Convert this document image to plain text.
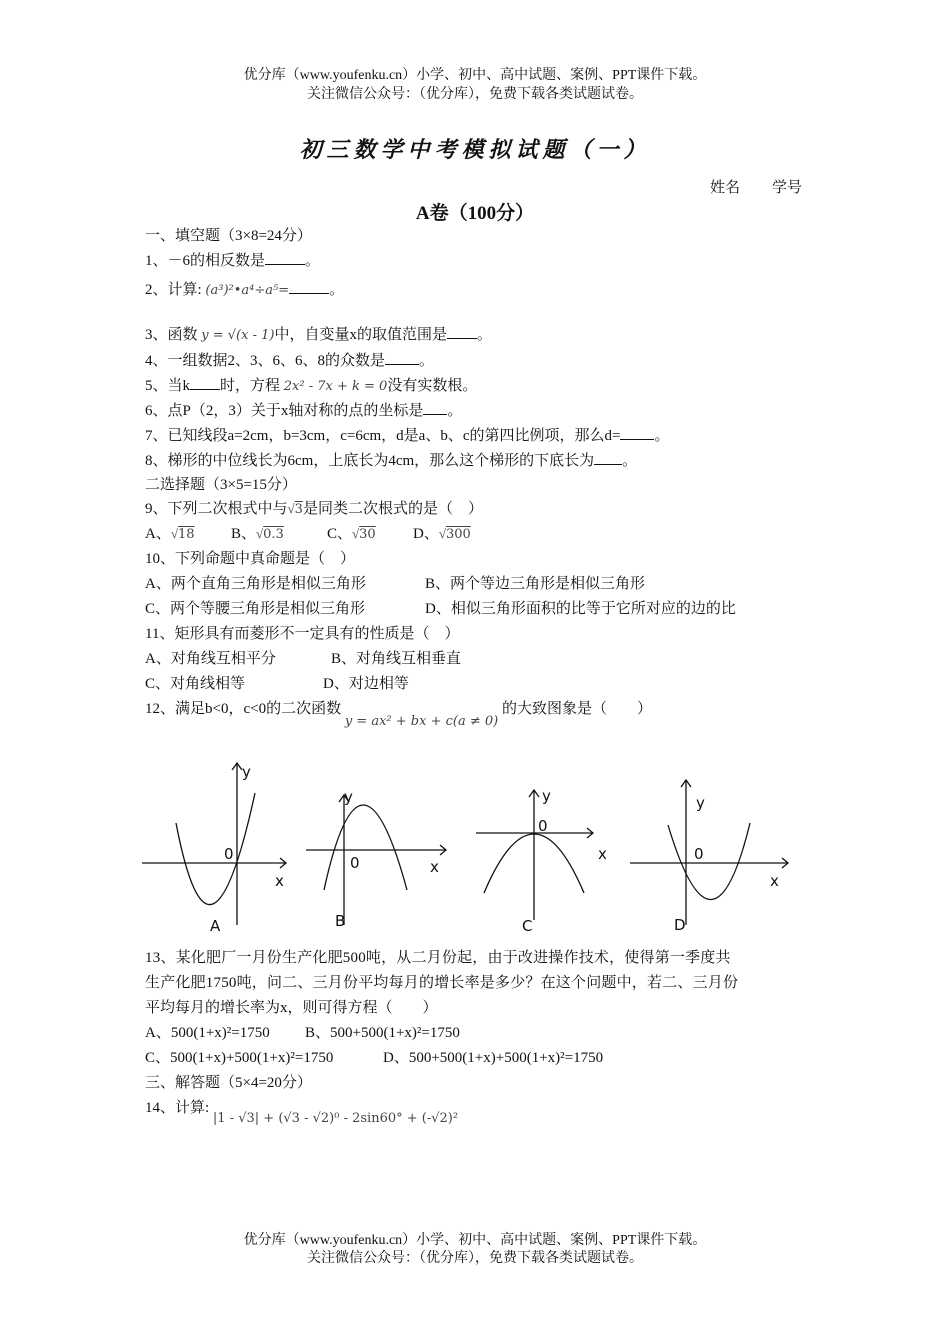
优分库（www.youfenku.cn）小学、初中、高中试题、案例、PPT课件下载。
关注微信公众号：（优分库），免费下载各类试题试卷。
初三数学中考模拟试题（一）
姓名 学号
A卷（100分）
一、填空题（3×8=24分）
1、－6的相反数是	。
2、计算: (a³)²•a⁴÷a⁵=	。
3、函数 y = √(x - 1)中，自变量x的取值范围是 。
4、一组数据2、3、6、6、8的众数是 。
5、当k 时，方程 2x² - 7x + k = 0没有实数根。
6、点P（2，3）关于x轴对称的点的坐标是 。
7、已知线段a=2cm，b=3cm，c=6cm，d是a、b、c的第四比例项，那么d= 。
8、梯形的中位线长为6cm，上底长为4cm，那么这个梯形的下底长为 。
二选择题（3×5=15分）
9、下列二次根式中与√3是同类二次根式的是（　）
A、√18 B、√0.3	C、√30 D、√300
10、下列命题中真命题是（　）
A、两个直角三角形是相似三角形	B、两个等边三角形是相似三角形
C、两个等腰三角形是相似三角形	D、相似三角形面积的比等于它所对应的边的比
11、矩形具有而菱形不一定具有的性质是（　）
A、对角线互相平分	B、对角线互相垂直
C、对角线相等	D、对边相等
12、满足b<0，c<0的二次函数 y = ax² + bx + c(a ≠ 0) 的大致图象是（　　）
y
0
x
A
y
0	x
B
y
0
x
C
y
0
x
D
13、某化肥厂一月份生产化肥500吨，从二月份起，由于改进操作技术，使得第一季度共
生产化肥1750吨，问二、三月份平均每月的增长率是多少？在这个问题中，若二、三月份
平均每月的增长率为x，则可得方程（　　）
A、500(1+x)²=1750 B、500+500(1+x)²=1750
C、500(1+x)+500(1+x)²=1750	D、500+500(1+x)+500(1+x)²=1750
三、解答题（5×4=20分）
14、计算: |1 - √3| + (√3 - √2)⁰ - 2sin60° + (-√2)²
优分库（www.youfenku.cn）小学、初中、高中试题、案例、PPT课件下载。
关注微信公众号：（优分库），免费下载各类试题试卷。
